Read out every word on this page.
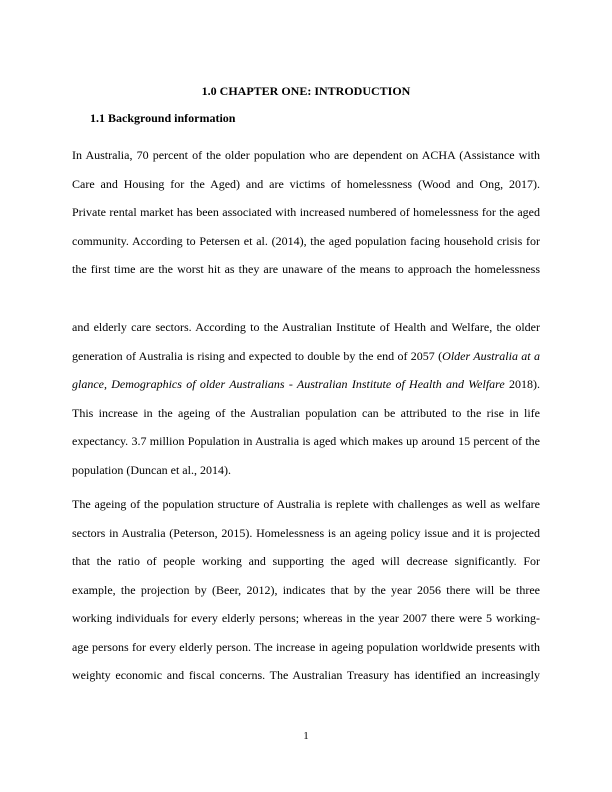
1.0 CHAPTER ONE: INTRODUCTION
1.1 Background information
In Australia, 70 percent of the older population who are dependent on ACHA (Assistance with
Care and Housing for the Aged) and are victims of homelessness (Wood and Ong, 2017).
Private rental market has been associated with increased numbered of homelessness for the aged
community. According to Petersen et al. (2014), the aged population facing household crisis for
the first time are the worst hit as they are unaware of the means to approach the homelessness
and elderly care sectors. According to the Australian Institute of Health and Welfare, the older
generation of Australia is rising and expected to double by the end of 2057 (Older Australia at a
glance, Demographics of older Australians - Australian Institute of Health and Welfare 2018).
This increase in the ageing of the Australian population can be attributed to the rise in life
expectancy. 3.7 million Population in Australia is aged which makes up around 15 percent of the
population (Duncan et al., 2014).
The ageing of the population structure of Australia is replete with challenges as well as welfare
sectors in Australia (Peterson, 2015). Homelessness is an ageing policy issue and it is projected
that the ratio of people working and supporting the aged will decrease significantly. For
example, the projection by (Beer, 2012), indicates that by the year 2056 there will be three
working individuals for every elderly persons; whereas in the year 2007 there were 5 working-
age persons for every elderly person. The increase in ageing population worldwide presents with
weighty economic and fiscal concerns. The Australian Treasury has identified an increasingly
1
